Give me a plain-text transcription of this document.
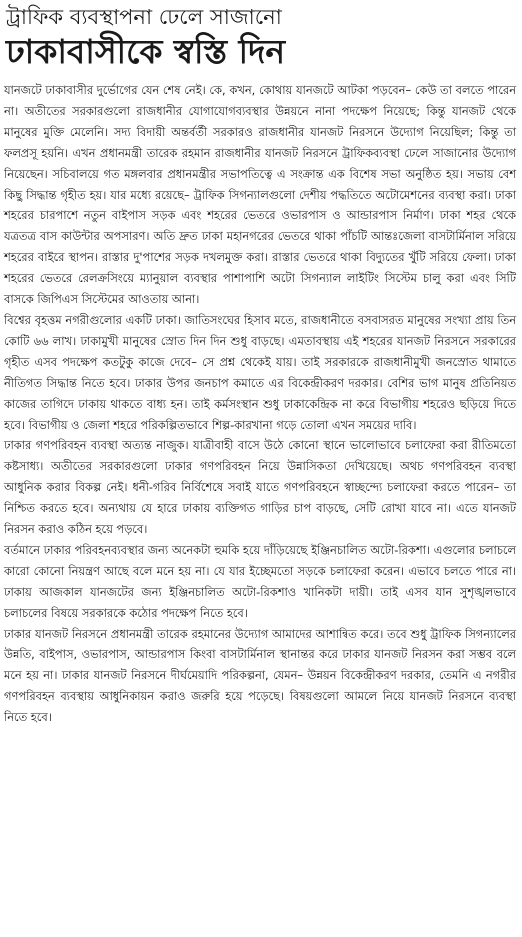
ট্রাফিক ব্যবস্থাপনা ঢেলে সাজানো
ঢাকাবাসীকে স্বস্তি দিন

যানজটে ঢাকাবাসীর দুর্ভোগের যেন শেষ নেই। কে, কখন, কোথায় যানজটে আটকা পড়বেন– কেউ তা বলতে পারেন না। অতীতের সরকারগুলো রাজধানীর যোগাযোগব্যবস্থার উন্নয়নে নানা পদক্ষেপ নিয়েছে; কিন্তু যানজট থেকে মানুষের মুক্তি মেলেনি। সদ্য বিদায়ী অন্তর্বর্তী সরকারও রাজধানীর যানজট নিরসনে উদ্যোগ নিয়েছিল; কিন্তু তা ফলপ্রসূ হয়নি। এখন প্রধানমন্ত্রী তারেক রহমান রাজধানীর যানজট নিরসনে ট্রাফিকব্যবস্থা ঢেলে সাজানোর উদ্যোগ নিয়েছেন। সচিবালয়ে গত মঙ্গলবার প্রধানমন্ত্রীর সভাপতিত্বে এ সংক্রান্ত এক বিশেষ সভা অনুষ্ঠিত হয়। সভায় বেশ কিছু সিদ্ধান্ত গৃহীত হয়। যার মধ্যে রয়েছে– ট্রাফিক সিগন্যালগুলো দেশীয় পদ্ধতিতে অটোমেশনের ব্যবস্থা করা। ঢাকা শহরের চারপাশে নতুন বাইপাস সড়ক এবং শহরের ভেতরে ওভারপাস ও আন্ডারপাস নির্মাণ। ঢাকা শহর থেকে যত্রতত্র বাস কাউন্টার অপসারণ। অতি দ্রুত ঢাকা মহানগরের ভেতরে থাকা পাঁচটি আন্তঃজেলা বাসটার্মিনাল সরিয়ে শহরের বাইরে স্থাপন। রাস্তার দু'পাশের সড়ক দখলমুক্ত করা। রাস্তার ভেতরে থাকা বিদ্যুতের খুঁটি সরিয়ে ফেলা। ঢাকা শহরের ভেতরে রেলক্রসিংয়ে ম্যানুয়াল ব্যবস্থার পাশাপাশি অটো সিগন্যাল লাইটিং সিস্টেম চালু করা এবং সিটি বাসকে জিপিএস সিস্টেমের আওতায় আনা।

বিশ্বের বৃহত্তম নগরীগুলোর একটি ঢাকা। জাতিসংঘের হিসাব মতে, রাজধানীতে বসবাসরত মানুষের সংখ্যা প্রায় তিন কোটি ৬৬ লাখ। ঢাকামুখী মানুষের স্রোত দিন দিন শুধু বাড়ছে। এমতাবস্থায় এই শহরের যানজট নিরসনে সরকারের গৃহীত এসব পদক্ষেপ কতটুকু কাজে দেবে– সে প্রশ্ন থেকেই যায়। তাই সরকারকে রাজধানীমুখী জনস্রোত থামাতে নীতিগত সিদ্ধান্ত নিতে হবে। ঢাকার উপর জনচাপ কমাতে এর বিকেন্দ্রীকরণ দরকার। বেশির ভাগ মানুষ প্রতিনিয়ত কাজের তাগিদে ঢাকায় থাকতে বাধ্য হন। তাই কর্মসংস্থান শুধু ঢাকাকেন্দ্রিক না করে বিভাগীয় শহরেও ছড়িয়ে দিতে হবে। বিভাগীয় ও জেলা শহরে পরিকল্পিতভাবে শিল্প-কারখানা গড়ে তোলা এখন সময়ের দাবি।

ঢাকার গণপরিবহন ব্যবস্থা অত্যন্ত নাজুক। যাত্রীবাহী বাসে উঠে কোনো স্থানে ভালোভাবে চলাফেরা করা রীতিমতো কষ্টসাধ্য। অতীতের সরকারগুলো ঢাকার গণপরিবহন নিয়ে উন্নাসিকতা দেখিয়েছে। অথচ গণপরিবহন ব্যবস্থা আধুনিক করার বিকল্প নেই। ধনী-গরিব নির্বিশেষে সবাই যাতে গণপরিবহনে স্বাচ্ছন্দ্যে চলাফেরা করতে পারেন– তা নিশ্চিত করতে হবে। অন্যথায় যে হারে ঢাকায় ব্যক্তিগত গাড়ির চাপ বাড়ছে, সেটি রোখা যাবে না। এতে যানজট নিরসন করাও কঠিন হয়ে পড়বে।

বর্তমানে ঢাকার পরিবহনব্যবস্থার জন্য অনেকটা হুমকি হয়ে দাঁড়িয়েছে ইঞ্জিনচালিত অটো-রিকশা। এগুলোর চলাচলে কারো কোনো নিয়ন্ত্রণ আছে বলে মনে হয় না। যে যার ইচ্ছেমতো সড়কে চলাফেরা করেন। এভাবে চলতে পারে না। ঢাকায় আজকাল যানজটের জন্য ইঞ্জিনচালিত অটো-রিকশাও খানিকটা দায়ী। তাই এসব যান সুশৃঙ্খলভাবে চলাচলের বিষয়ে সরকারকে কঠোর পদক্ষেপ নিতে হবে।

ঢাকার যানজট নিরসনে প্রধানমন্ত্রী তারেক রহমানের উদ্যোগ আমাদের আশান্বিত করে। তবে শুধু ট্রাফিক সিগন্যালের উন্নতি, বাইপাস, ওভারপাস, আন্ডারপাস কিংবা বাসটার্মিনাল স্থানান্তর করে ঢাকার যানজট নিরসন করা সম্ভব বলে মনে হয় না। ঢাকার যানজট নিরসনে দীর্ঘমেয়াদি পরিকল্পনা, যেমন– উন্নয়ন বিকেন্দ্রীকরণ দরকার, তেমনি এ নগরীর গণপরিবহন ব্যবস্থায় আধুনিকায়ন করাও জরুরি হয়ে পড়েছে। বিষয়গুলো আমলে নিয়ে যানজট নিরসনে ব্যবস্থা নিতে হবে।
